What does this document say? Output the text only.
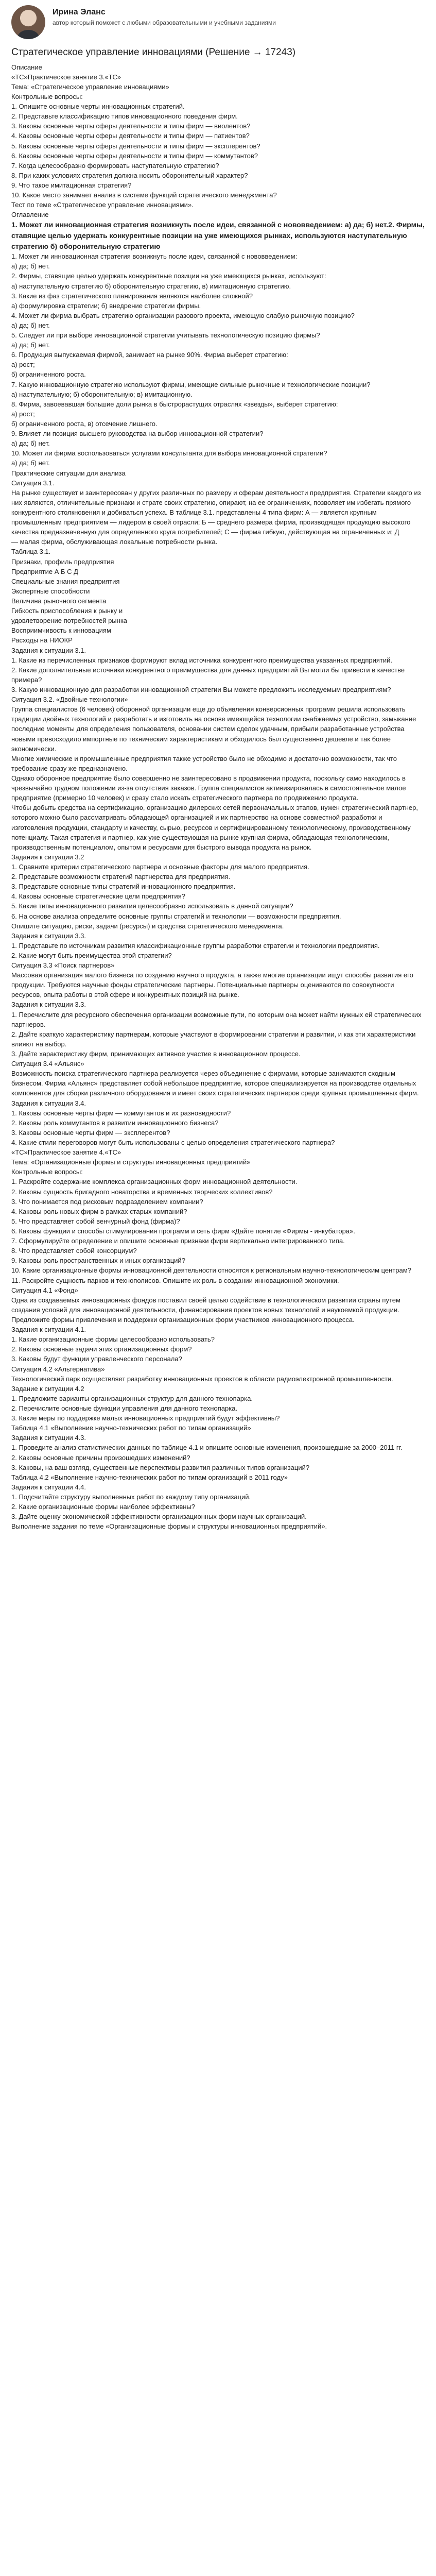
Ирина Эланс
автор который поможет с любыми образовательными и учебными заданиями
Стратегическое управление инновациями (Решение → 17243)

Описание

«ТС»Практическое занятие 3.«ТС»

Тема: «Стратегическое управление инновациями»

Контрольные вопросы:

1. Опишите основные черты инновационных стратегий.

2. Представьте классификацию типов инновационного поведения фирм.

3. Каковы основные черты сферы деятельности и типы фирм — виолентов?

4. Каковы основные черты сферы деятельности и типы фирм — патиентов?

5. Каковы основные черты сферы деятельности и типы фирм — эксплерентов?

6. Каковы основные черты сферы деятельности и типы фирм — коммутантов?

7. Когда целесообразно формировать наступательную стратегию?

8. При каких условиях стратегия должна носить оборонительный характер?

9. Что такое имитационная стратегия?

10. Какое место занимает анализ в системе функций стратегического менеджмента?

Тест по теме «Стратегическое управление инновациями».

Оглавление

1. Может ли инновационная стратегия возникнуть после идеи, связанной с нововведением: а) да; б) нет.2. Фирмы, ставящие целью удержать конкурентные позиции на уже имеющихся рынках, используются наступательную стратегию б) оборонительную стратегию

1. Может ли инновационная стратегия возникнуть после идеи, связанной с нововведением:

а) да; б) нет.

2. Фирмы, ставящие целью удержать конкурентные позиции на уже имеющихся рынках, используют:

а) наступательную стратегию б) оборонительную стратегию, в) имитационную стратегию.

3. Какие из фаз стратегического планирования являются наиболее сложной?

а) формулировка стратегии; б) внедрение стратегии фирмы.

4. Может ли фирма выбрать стратегию организации разового проекта, имеющую слабую рыночную позицию?

а) да; б) нет.

5. Следует ли при выборе инновационной стратегии учитывать технологическую позицию фирмы?

а) да; б) нет.

6. Продукция выпускаемая фирмой, занимает на рынке 90%. Фирма выберет стратегию:

а) рост;

б) ограниченного роста.

7. Какую инновационную стратегию используют фирмы, имеющие сильные рыночные и технологические позиции?

а) наступательную; б) оборонительную; в) имитационную.

8. Фирма, завоевавшая большие доли рынка в быстрорастущих отраслях «звезды», выберет стратегию:

а) рост;

б) ограниченного роста, в) отсечение лишнего.

9. Влияет ли позиция высшего руководства на выбор инновационной стратегии?

а) да; б) нет.

10. Может ли фирма воспользоваться услугами консультанта для выбора инновационной стратегии?

а) да; б) нет.

Практические ситуации для анализа

Ситуация 3.1.

На рынке существует и заинтересован у других различных по размеру и сферам деятельности предприятия. Стратегии каждого из них являются, отличительные признаки и страте своих стратегию, опирают, на ее ограничениях, позволяет им избегать прямого конкурентного столкновения и добиваться успеха. В таблице 3.1. представлены 4 типа фирм: А — является крупным промышленным предприятием — лидером в своей отрасли; Б — среднего размера фирма, производящая продукцию высокого качества предназначенную для определенного круга потребителей; С — фирма гибкую, действующая на ограниченных и; Д

— малая фирма, обслуживающая локальные потребности рынка.

Таблица 3.1.

Признаки, профиль предприятия

Предприятие А Б С Д

Специальные знания предприятия

Экспертные способности

Величина рыночного сегмента

Гибкость приспособления к рынку и

удовлетворение потребностей рынка

Восприимчивость к инновациям

Расходы на НИОКР

Задания к ситуации 3.1.

1. Какие из перечисленных признаков формируют вклад источника конкурентного преимущества указанных предприятий.

2. Какие дополнительные источники конкурентного преимущества для данных предприятий Вы могли бы привести в качестве примера?

3. Какую инновационную для разработки инновационной стратегии Вы можете предложить исследуемым предприятиям?

Ситуация 3.2. «Двойные технологии»

Группа специалистов (6 человек) оборонной организации еще до объявления конверсионных программ решила использовать традиции двойных технологий и разработать и изготовить на основе имеющейся технологии снабжаемых устройство, замыкание последние моменты для определения пользователя, основании систем сделок удачным, прибыли разработанные устройства новыми превосходило импортные по техническим характеристикам и обходилось был существенно дешевле и так более экономически.

Многие химические и промышленные предприятия также устройство было не обходимо и достаточно возможности, так что требование сразу же предназначено.

Однако оборонное предприятие было совершенно не заинтересовано в продвижении продукта, поскольку само находилось в чрезвычайно трудном положении из-за отсутствия заказов. Группа специалистов активизировалась в самостоятельное малое предприятие (примерно 10 человек) и сразу стало искать стратегического партнера по продвижению продукта.

Чтобы добыть средства на сертификацию, организацию дилерских сетей первоначальных этапов, нужен стратегический партнер, которого можно было рассматривать обладающей организацией и их партнерство на основе совместной разработки и изготовления продукции, стандарту и качеству, сырью, ресурсов и сертифицированному технологическому, производственному потенциалу. Такая стратегия и партнер, как уже существующая на рынке крупная фирма, обладающая технологическим, производственным потенциалом, опытом и ресурсами для быстрого вывода продукта на рынок.

Задания к ситуации 3.2

1. Сравните критерии стратегического партнера и основные факторы для малого предприятия.

2. Представьте возможности стратегий партнерства для предприятия.

3. Представьте основные типы стратегий инновационного предприятия.

4. Каковы основные стратегические цели предприятия?

5. Какие типы инновационного развития целесообразно использовать в данной ситуации?

6. На основе анализа определите основные группы стратегий и технологии — возможности предприятия.

Опишите ситуацию, риски, задачи (ресурсы) и средства стратегического менеджмента.

Задания к ситуации 3.3.

1. Представьте по источникам развития классификационные группы разработки стратегии и технологии предприятия.

2. Какие могут быть преимущества этой стратегии?

Ситуация 3.3 «Поиск партнеров»

Массовая организация малого бизнеса по созданию научного продукта, а также многие организации ищут способы развития его продукции. Требуются научные фонды стратегические партнеры. Потенциальные партнеры оцениваются по совокупности ресурсов, опыта работы в этой сфере и конкурентных позиций на рынке.

Задания к ситуации 3.3.

1. Перечислите для ресурсного обеспечения организации возможные пути, по которым она может найти нужных ей стратегических партнеров.

2. Дайте краткую характеристику партнерам, которые участвуют в формировании стратегии и развитии, и как эти характеристики влияют на выбор.

3. Дайте характеристику фирм, принимающих активное участие в инновационном процессе.

Ситуация 3.4 «Альянс»

Возможность поиска стратегического партнера реализуется через объединение с фирмами, которые занимаются сходным бизнесом. Фирма «Альянс» представляет собой небольшое предприятие, которое специализируется на производстве отдельных компонентов для сборки различного оборудования и имеет своих стратегических партнеров среди крупных промышленных фирм.

Задания к ситуации 3.4.

1. Каковы основные черты фирм — коммутантов и их разновидности?

2. Каковы роль коммутантов в развитии инновационного бизнеса?

3. Каковы основные черты фирм — эксплерентов?

4. Какие стили переговоров могут быть использованы с целью определения стратегического партнера?

«ТС»Практическое занятие 4.«ТС»

Тема: «Организационные формы и структуры инновационных предприятий»

Контрольные вопросы:

1. Раскройте содержание комплекса организационных форм инновационной деятельности.

2. Каковы сущность бригадного новаторства и временных творческих коллективов?

3. Что понимается под рисковым подразделением компании?

4. Каковы роль новых фирм в рамках старых компаний?

5. Что представляет собой венчурный фонд (фирма)?

6. Каковы функции и способы стимулирования программ и сеть фирм «Дайте понятие «Фирмы - инкубатора».

7. Сформулируйте определение и опишите основные признаки фирм вертикально интегрированного типа.

8. Что представляет собой консорциум?

9. Каковы роль пространственных и иных организаций?

10. Какие организационные формы инновационной деятельности относятся к региональным научно-технологическим центрам?

11. Раскройте сущность парков и технополисов. Опишите их роль в создании инновационной экономики.

Ситуация 4.1 «Фонд»

Одна из создаваемых инновационных фондов поставил своей целью содействие в технологическом развитии страны путем создания условий для инновационной деятельности, финансирования проектов новых технологий и наукоемкой продукции. Предложите формы привлечения и поддержки организационных форм участников инновационного процесса.

Задания к ситуации 4.1.

1. Какие организационные формы целесообразно использовать?

2. Каковы основные задачи этих организационных форм?

3. Каковы будут функции управленческого персонала?

Ситуация 4.2 «Альтернатива»

Технологический парк осуществляет разработку инновационных проектов в области радиоэлектронной промышленности.

Задание к ситуации 4.2

1. Предложите варианты организационных структур для данного технопарка.

2. Перечислите основные функции управления для данного технопарка.

3. Какие меры по поддержке малых инновационных предприятий будут эффективны?

Таблица 4.1 «Выполнение научно-технических работ по типам организаций»

Задания к ситуации 4.3.

1. Проведите анализ статистических данных по таблице 4.1 и опишите основные изменения, произошедшие за 2000–2011 гг.

2. Каковы основные причины произошедших изменений?

3. Каковы, на ваш взгляд, существенные перспективы развития различных типов организаций?

Таблица 4.2 «Выполнение научно-технических работ по типам организаций в 2011 году»

Задания к ситуации 4.4.

1. Подсчитайте структуру выполненных работ по каждому типу организаций.

2. Какие организационные формы наиболее эффективны?

3. Дайте оценку экономической эффективности организационных форм научных организаций.

Выполнение задания по теме «Организационные формы и структуры инновационных предприятий».
